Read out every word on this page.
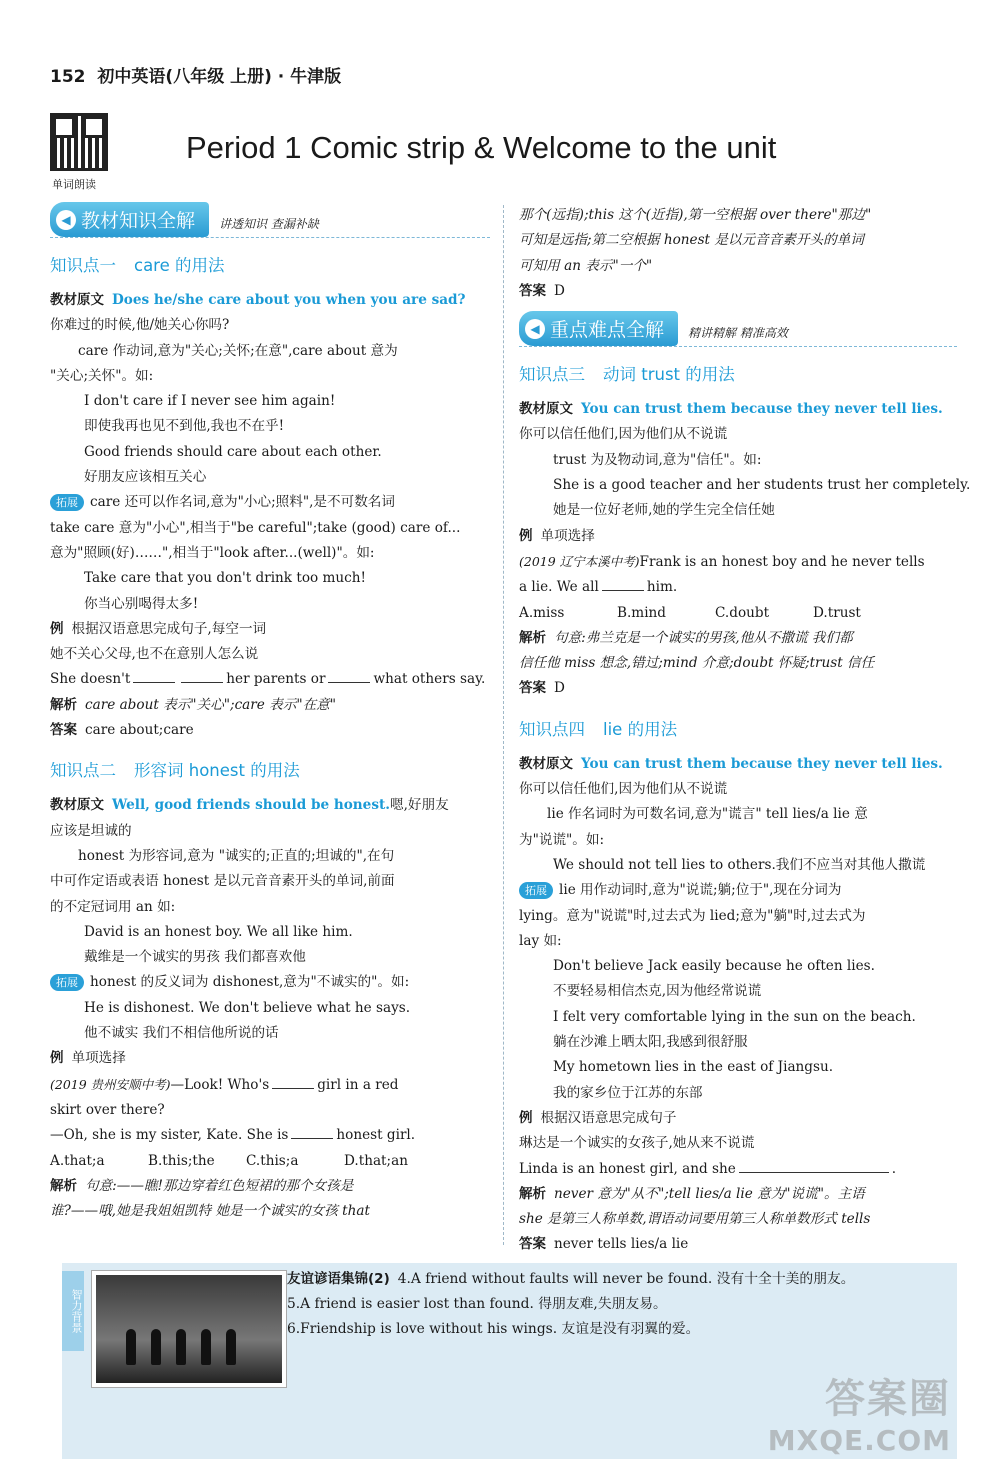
152 初中英语(八年级 上册) · 牛津版
单词朗读
Period 1 Comic strip & Welcome to the unit
◀ 教材知识全解 讲透知识 查漏补缺
知识点一 care 的用法
教材原文 Does he/she care about you when you are sad?
你难过的时候,他/她关心你吗?
care 作动词,意为"关心;关怀;在意",care about 意为
"关心;关怀"。如:
I don't care if I never see him again!
即使我再也见不到他,我也不在乎!
Good friends should care about each other.
好朋友应该相互关心
拓展 care 还可以作名词,意为"小心;照料",是不可数名词
take care 意为"小心",相当于"be careful";take (good) care of...
意为"照顾(好)……",相当于"look after...(well)"。如:
Take care that you don't drink too much!
你当心别喝得太多!
例 根据汉语意思完成句子,每空一词
她不关心父母,也不在意别人怎么说
She doesn't	her parents or	what others say.
解析 care about 表示"关心";care 表示"在意"
答案 care about;care
知识点二 形容词 honest 的用法
教材原文 Well, good friends should be honest.嗯,好朋友
应该是坦诚的
honest 为形容词,意为 "诚实的;正直的;坦诚的",在句
中可作定语或表语 honest 是以元音音素开头的单词,前面
的不定冠词用 an 如:
David is an honest boy. We all like him.
戴维是一个诚实的男孩 我们都喜欢他
拓展 honest 的反义词为 dishonest,意为"不诚实的"。如:
He is dishonest. We don't believe what he says.
他不诚实 我们不相信他所说的话
例 单项选择
(2019 贵州安顺中考)—Look! Who's	girl in a red
skirt over there?
—Oh, she is my sister, Kate. She is	honest girl.
A.that;a	B.this;the C.this;a	D.that;an
解析 句意:——瞧!那边穿着红色短裙的那个女孩是
谁?——哦,她是我姐姐凯特 她是一个诚实的女孩 that
那个(远指);this 这个(近指),第一空根据 over there"那边"
可知是远指;第二空根据 honest 是以元音音素开头的单词
可知用 an 表示"一个"
答案 D
◀ 重点难点全解 精讲精解 精准高效
知识点三 动词 trust 的用法
教材原文 You can trust them because they never tell lies.
你可以信任他们,因为他们从不说谎
trust 为及物动词,意为"信任"。如:
She is a good teacher and her students trust her completely.
她是一位好老师,她的学生完全信任她
例 单项选择
(2019 辽宁本溪中考)Frank is an honest boy and he never tells
a lie. We all	him.
A.miss	B.mind	C.doubt	D.trust
解析 句意:弗兰克是一个诚实的男孩,他从不撒谎 我们都
信任他 miss 想念,错过;mind 介意;doubt 怀疑;trust 信任
答案 D
知识点四 lie 的用法
教材原文 You can trust them because they never tell lies.
你可以信任他们,因为他们从不说谎
lie 作名词时为可数名词,意为"谎言" tell lies/a lie 意
为"说谎"。如:
We should not tell lies to others.我们不应当对其他人撒谎
拓展 lie 用作动词时,意为"说谎;躺;位于",现在分词为
lying。意为"说谎"时,过去式为 lied;意为"躺"时,过去式为
lay 如:
Don't believe Jack easily because he often lies.
不要轻易相信杰克,因为他经常说谎
I felt very comfortable lying in the sun on the beach.
躺在沙滩上晒太阳,我感到很舒服
My hometown lies in the east of Jiangsu.
我的家乡位于江苏的东部
例 根据汉语意思完成句子
琳达是一个诚实的女孩子,她从来不说谎
Linda is an honest girl, and she	.
解析 never 意为"从不";tell lies/a lie 意为"说谎"。主语
she 是第三人称单数,谓语动词要用第三人称单数形式 tells
答案 never tells lies/a lie
智力背景
友谊谚语集锦(2) 4.A friend without faults will never be found. 没有十全十美的朋友。
5.A friend is easier lost than found. 得朋友难,失朋友易。
6.Friendship is love without his wings. 友谊是没有羽翼的爱。
答案圈
MXQE.COM
